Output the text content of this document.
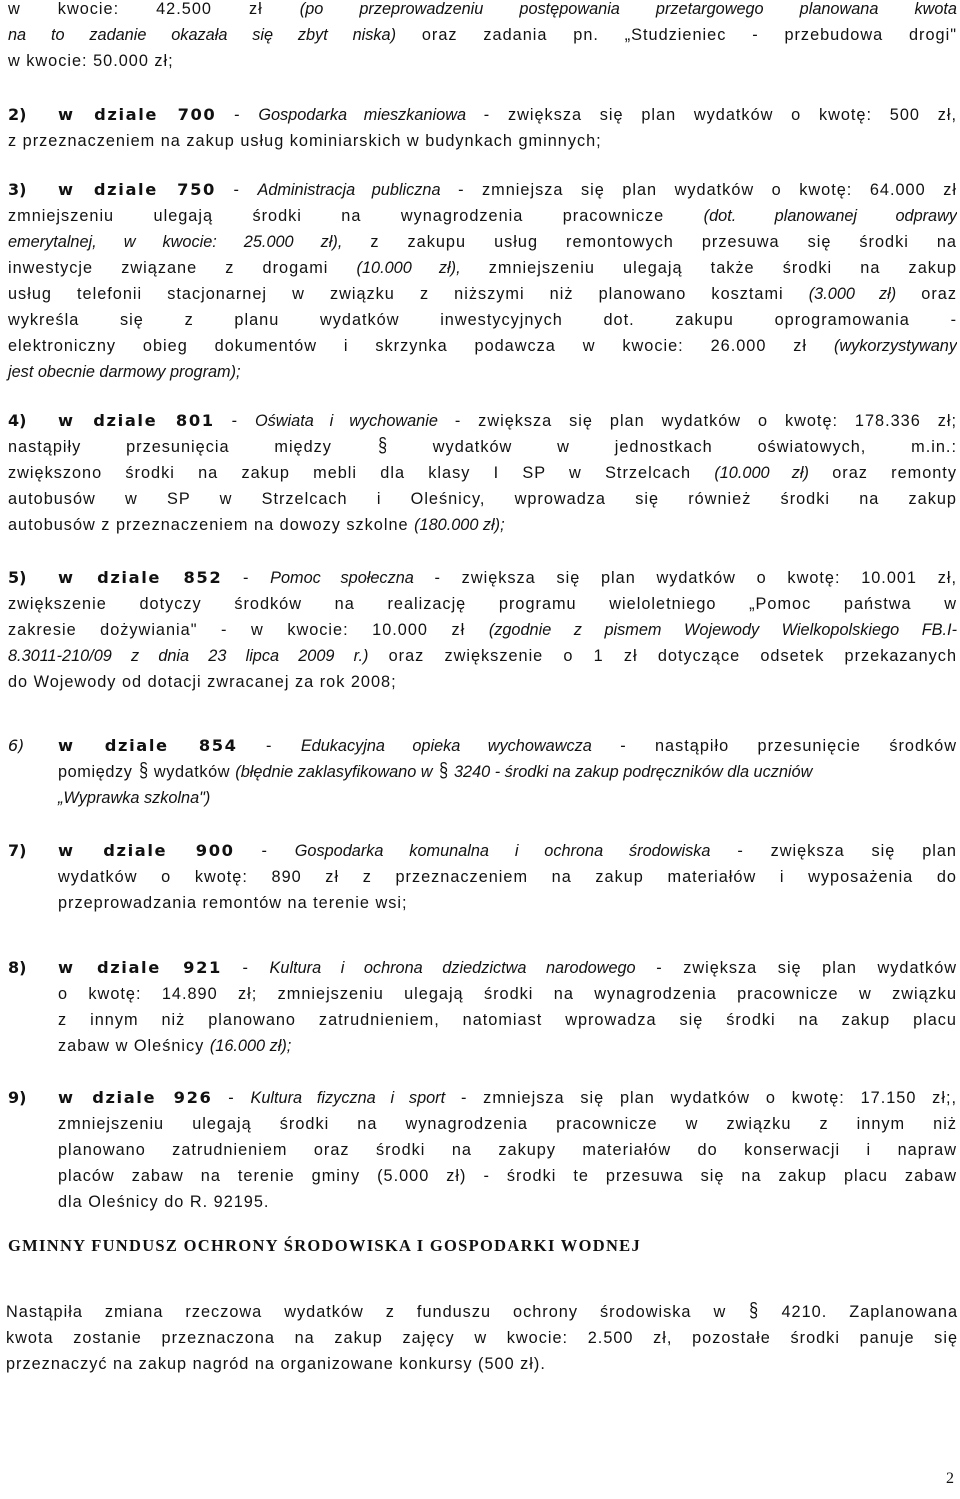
w kwocie: 42.500 zł (po przeprowadzeniu postępowania przetargowego planowana kwota
na to zadanie okazała się zbyt niska) oraz zadania pn. „Studzieniec - przebudowa drogi"
w kwocie: 50.000 zł;
2)	w dziale 700 - Gospodarka mieszkaniowa - zwiększa się plan wydatków o kwotę: 500 zł,
z przeznaczeniem na zakup usług kominiarskich w budynkach gminnych;
3)	w dziale 750 - Administracja publiczna - zmniejsza się plan wydatków o kwotę: 64.000 zł
zmniejszeniu ulegają środki na wynagrodzenia pracownicze (dot. planowanej odprawy
emerytalnej, w kwocie: 25.000 zł), z zakupu usług remontowych przesuwa się środki na
inwestycje związane z drogami (10.000 zł), zmniejszeniu ulegają także środki na zakup
usług telefonii stacjonarnej w związku z niższymi niż planowano kosztami (3.000 zł) oraz
wykreśla się z planu wydatków inwestycyjnych dot. zakupu oprogramowania -
elektroniczny obieg dokumentów i skrzynka podawcza w kwocie: 26.000 zł (wykorzystywany
jest obecnie darmowy program);
4)	w dziale 801 - Oświata i wychowanie - zwiększa się plan wydatków o kwotę: 178.336 zł;
nastąpiły przesunięcia między §	wydatków w jednostkach oświatowych, m.in.:
zwiększono środki na zakup mebli dla klasy I SP w Strzelcach (10.000 zł) oraz remonty
autobusów w SP w Strzelcach i Oleśnicy, wprowadza się również środki na zakup
autobusów z przeznaczeniem na dowozy szkolne (180.000 zł);
5)	w dziale 852 - Pomoc społeczna - zwiększa się plan wydatków o kwotę: 10.001 zł,
zwiększenie dotyczy środków na realizację programu wieloletniego „Pomoc państwa w
zakresie dożywiania" - w kwocie: 10.000 zł (zgodnie z pismem Wojewody Wielkopolskiego FB.I-
8.3011-210/09 z dnia 23 lipca 2009 r.) oraz zwiększenie o 1 zł dotyczące odsetek przekazanych
do Wojewody od dotacji zwracanej za rok 2008;
6)	w dziale 854 - Edukacyjna opieka wychowawcza - nastąpiło przesunięcie środków
pomiędzy § wydatków (błędnie zaklasyfikowano w § 3240 - środki na zakup podręczników dla uczniów
„Wyprawka szkolna")
7)	w dziale 900 - Gospodarka komunalna i ochrona środowiska - zwiększa się plan
wydatków o kwotę: 890 zł z przeznaczeniem na zakup materiałów i wyposażenia do
przeprowadzania remontów na terenie wsi;
8)	w dziale 921 - Kultura i ochrona dziedzictwa narodowego - zwiększa się plan wydatków
o kwotę: 14.890 zł; zmniejszeniu ulegają środki na wynagrodzenia pracownicze w związku
z innym niż planowano zatrudnieniem, natomiast wprowadza się środki na zakup placu
zabaw w Oleśnicy (16.000 zł);
9)	w dziale 926 - Kultura fizyczna i sport - zmniejsza się plan wydatków o kwotę: 17.150 zł;,
zmniejszeniu ulegają środki na wynagrodzenia pracownicze w związku z innym niż
planowano zatrudnieniem oraz środki na zakupy materiałów do konserwacji i napraw
placów zabaw na terenie gminy (5.000 zł) - środki te przesuwa się na zakup placu zabaw
dla Oleśnicy do R. 92195.
GMINNY FUNDUSZ OCHRONY ŚRODOWISKA I GOSPODARKI WODNEJ
Nastąpiła zmiana rzeczowa wydatków z funduszu ochrony środowiska w § 4210. Zaplanowana
kwota zostanie przeznaczona na zakup zajęcy w kwocie: 2.500 zł, pozostałe środki panuje się
przeznaczyć na zakup nagród na organizowane konkursy (500 zł).
2
